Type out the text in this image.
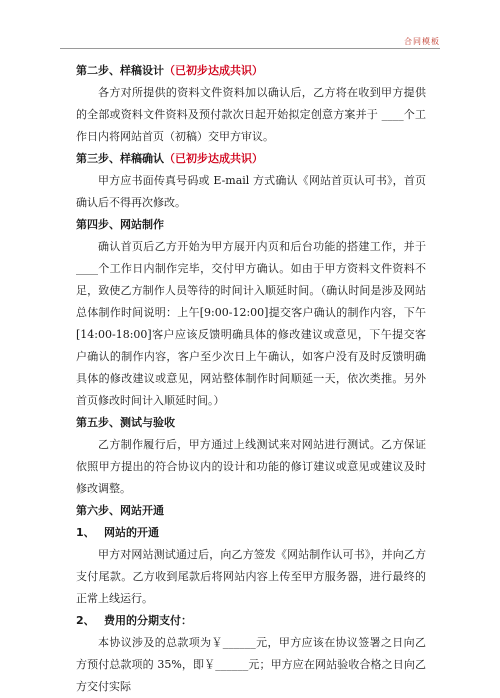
合同模板
第二步、样稿设计（已初步达成共识）

各方对所提供的资料文件资料加以确认后，乙方将在收到甲方提供的全部或资料文件资料及预付款次日起开始拟定创意方案并于 ____个工作日内将网站首页（初稿）交甲方审议。

第三步、样稿确认（已初步达成共识）

甲方应书面传真号码或 E-mail 方式确认《网站首页认可书》，首页确认后不得再次修改。

第四步、网站制作

确认首页后乙方开始为甲方展开内页和后台功能的搭建工作，并于____个工作日内制作完毕，交付甲方确认。如由于甲方资料文件资料不足，致使乙方制作人员等待的时间计入顺延时间。（确认时间是涉及网站总体制作时间说明：上午[9:00-12:00]提交客户确认的制作内容，下午[14:00-18:00]客户应该反馈明确具体的修改建议或意见，下午提交客户确认的制作内容，客户至少次日上午确认，如客户没有及时反馈明确具体的修改建议或意见，网站整体制作时间顺延一天，依次类推。另外首页修改时间计入顺延时间。）

第五步、测试与验收

乙方制作履行后，甲方通过上线测试来对网站进行测试。乙方保证依照甲方提出的符合协议内的设计和功能的修订建议或意见或建议及时修改调整。

第六步、网站开通
1、 网站的开通

甲方对网站测试通过后，向乙方签发《网站制作认可书》，并向乙方支付尾款。乙方收到尾款后将网站内容上传至甲方服务器，进行最终的正常上线运行。

2、 费用的分期支付：

本协议涉及的总款项为￥______元，甲方应该在协议签署之日向乙方预付总款项的 35%，即￥______元；甲方应在网站验收合格之日向乙方交付实际
